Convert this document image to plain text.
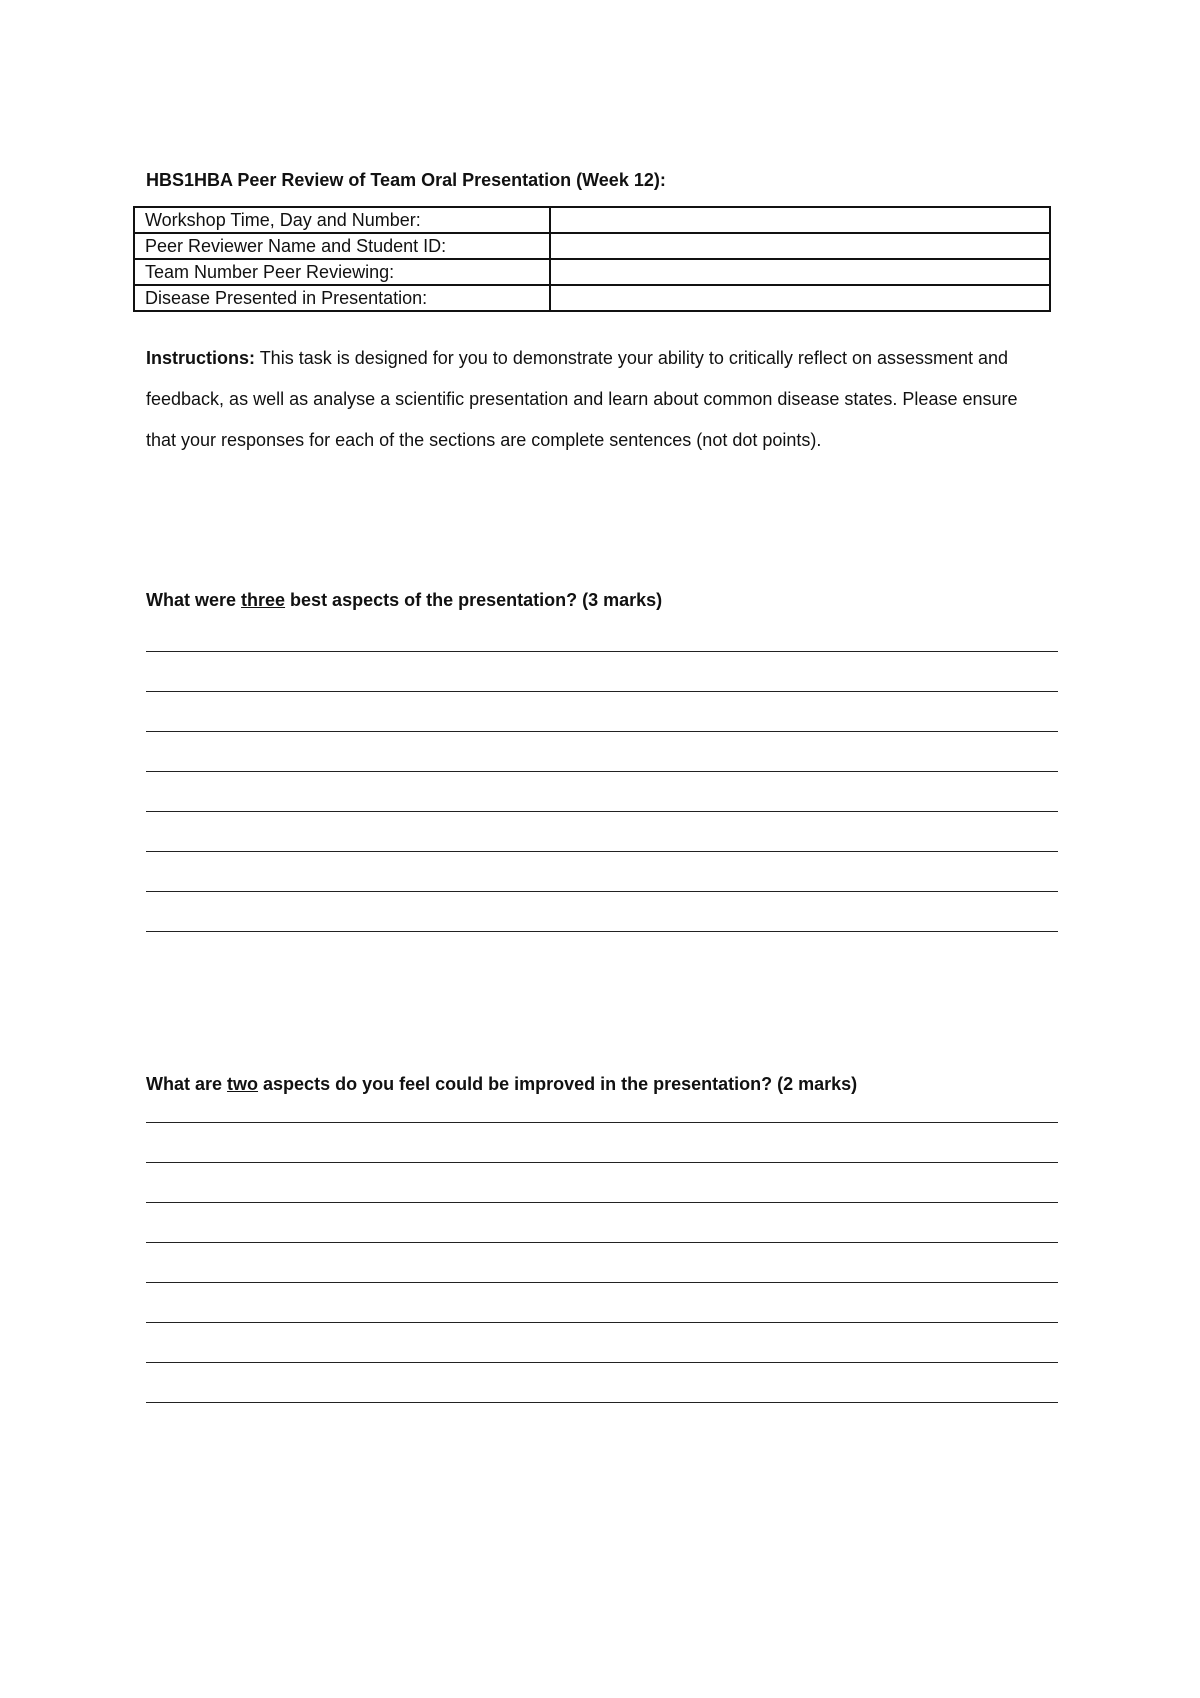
HBS1HBA Peer Review of Team Oral Presentation (Week 12):

Workshop Time, Day and Number:	
Peer Reviewer Name and Student ID:	
Team Number Peer Reviewing:	
Disease Presented in Presentation:	

Instructions: This task is designed for you to demonstrate your ability to critically reflect on assessment and feedback, as well as analyse a scientific presentation and learn about common disease states. Please ensure that your responses for each of the sections are complete sentences (not dot points).

What were three best aspects of the presentation? (3 marks)

What are two aspects do you feel could be improved in the presentation? (2 marks)
